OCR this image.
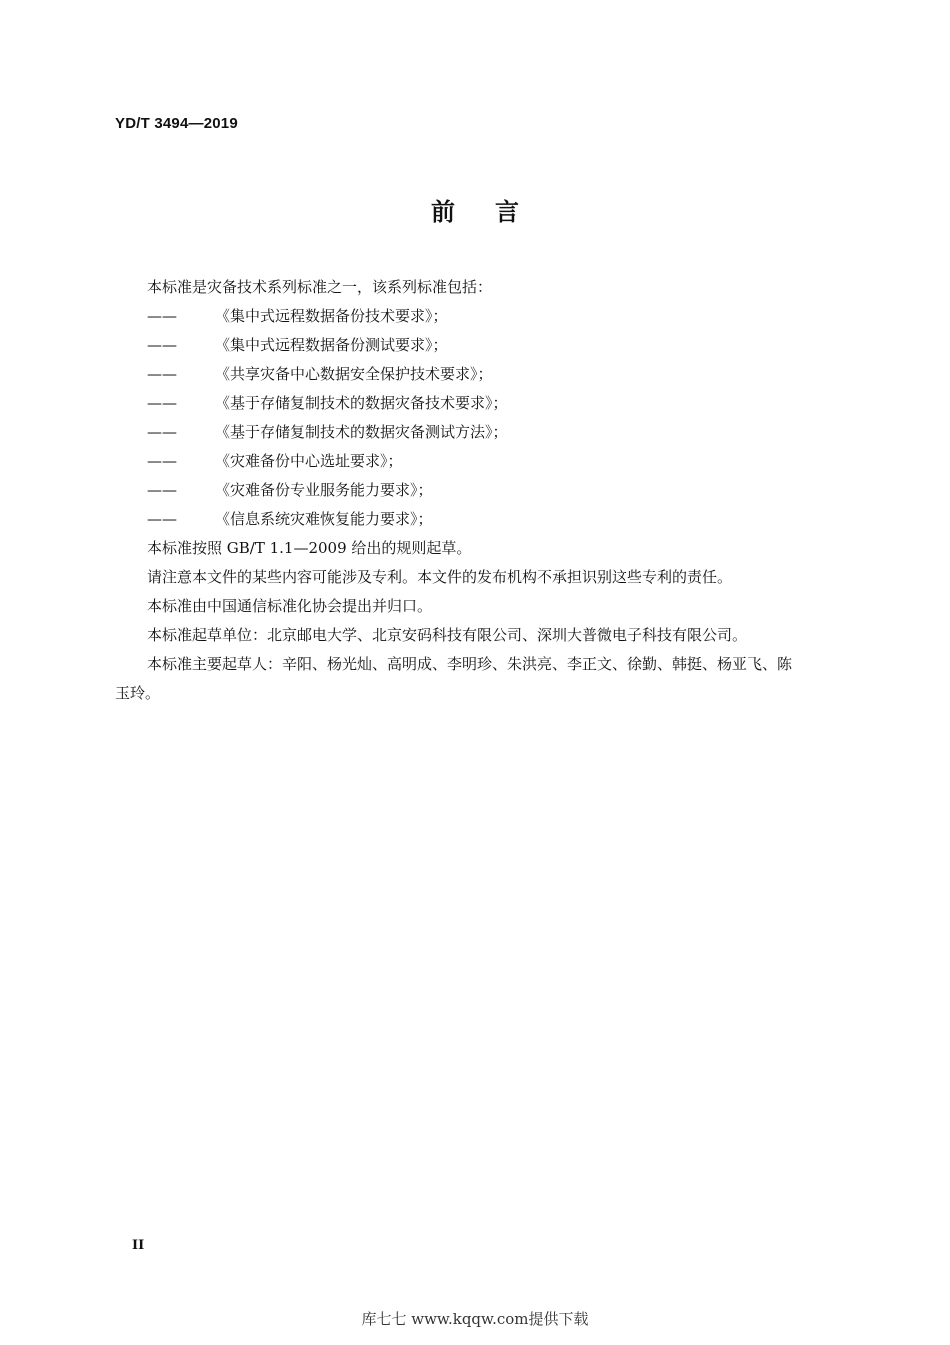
YD/T 3494—2019
前言
本标准是灾备技术系列标准之一，该系列标准包括：
——	《集中式远程数据备份技术要求》；
——	《集中式远程数据备份测试要求》；
——	《共享灾备中心数据安全保护技术要求》；
——	《基于存储复制技术的数据灾备技术要求》；
——	《基于存储复制技术的数据灾备测试方法》；
——	《灾难备份中心选址要求》；
——	《灾难备份专业服务能力要求》；
——	《信息系统灾难恢复能力要求》；
本标准按照 GB/T 1.1—2009 给出的规则起草。
请注意本文件的某些内容可能涉及专利。本文件的发布机构不承担识别这些专利的责任。
本标准由中国通信标准化协会提出并归口。
本标准起草单位：北京邮电大学、北京安码科技有限公司、深圳大普微电子科技有限公司。
本标准主要起草人：辛阳、杨光灿、高明成、李明珍、朱洪亮、李正文、徐勤、韩挺、杨亚飞、陈
玉玲。
II
库七七 www.kqqw.com提供下载
